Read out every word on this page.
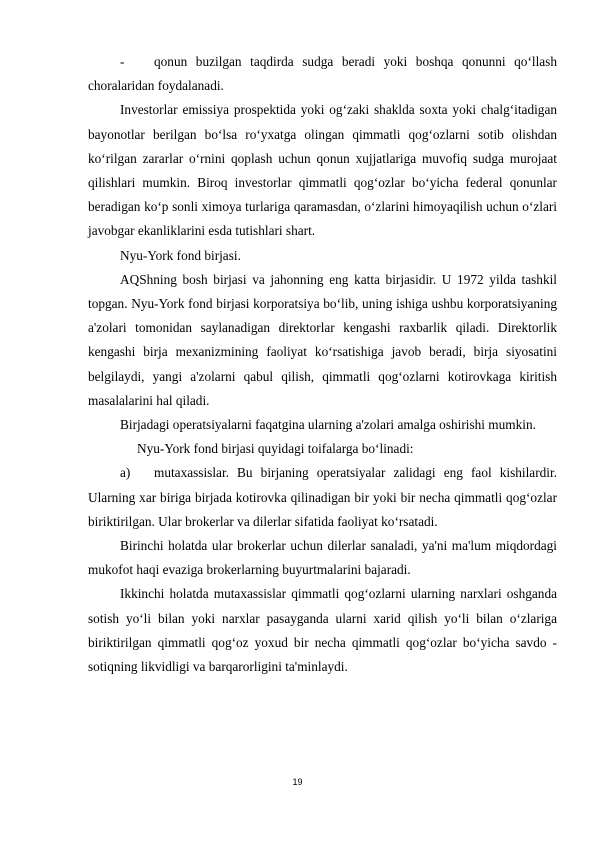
- qonun buzilgan taqdirda sudga beradi yoki boshqa qonunni qo‘llash choralaridan foydalanadi.

Investorlar emissiya prospektida yoki og‘zaki shaklda soxta yoki chalg‘itadigan bayonotlar berilgan bo‘lsa ro‘yxatga olingan qimmatli qog‘ozlarni sotib olishdan ko‘rilgan zararlar o‘rnini qoplash uchun qonun xujjatlariga muvofiq sudga murojaat qilishlari mumkin. Biroq investorlar qimmatli qog‘ozlar bo‘yicha federal qonunlar beradigan ko‘p sonli ximoya turlariga qaramasdan, o‘zlarini himoyaqilish uchun o‘zlari javobgar ekanliklarini esda tutishlari shart.

Nyu-York fond birjasi.

AQShning bosh birjasi va jahonning eng katta birjasidir. U 1972 yilda tashkil topgan. Nyu-York fond birjasi korporatsiya bo‘lib, uning ishiga ushbu korporatsiyaning a'zolari tomonidan saylanadigan direktorlar kengashi raxbarlik qiladi. Direktorlik kengashi birja mexanizmining faoliyat ko‘rsatishiga javob beradi, birja siyosatini belgilaydi, yangi a'zolarni qabul qilish, qimmatli qog‘ozlarni kotirovkaga kiritish masalalarini hal qiladi.

Birjadagi operatsiyalarni faqatgina ularning a'zolari amalga oshirishi mumkin.

Nyu-York fond birjasi quyidagi toifalarga bo‘linadi:

a) mutaxassislar. Bu birjaning operatsiyalar zalidagi eng faol kishilardir. Ularning xar biriga birjada kotirovka qilinadigan bir yoki bir necha qimmatli qog‘ozlar biriktirilgan. Ular brokerlar va dilerlar sifatida faoliyat ko‘rsatadi.

Birinchi holatda ular brokerlar uchun dilerlar sanaladi, ya'ni ma'lum miqdordagi mukofot haqi evaziga brokerlarning buyurtmalarini bajaradi.

Ikkinchi holatda mutaxassislar qimmatli qog‘ozlarni ularning narxlari oshganda sotish yo‘li bilan yoki narxlar pasayganda ularni xarid qilish yo‘li bilan o‘zlariga biriktirilgan qimmatli qog‘oz yoxud bir necha qimmatli qog‘ozlar bo‘yicha savdo - sotiqning likvidligi va barqarorligini ta'minlaydi.

19
